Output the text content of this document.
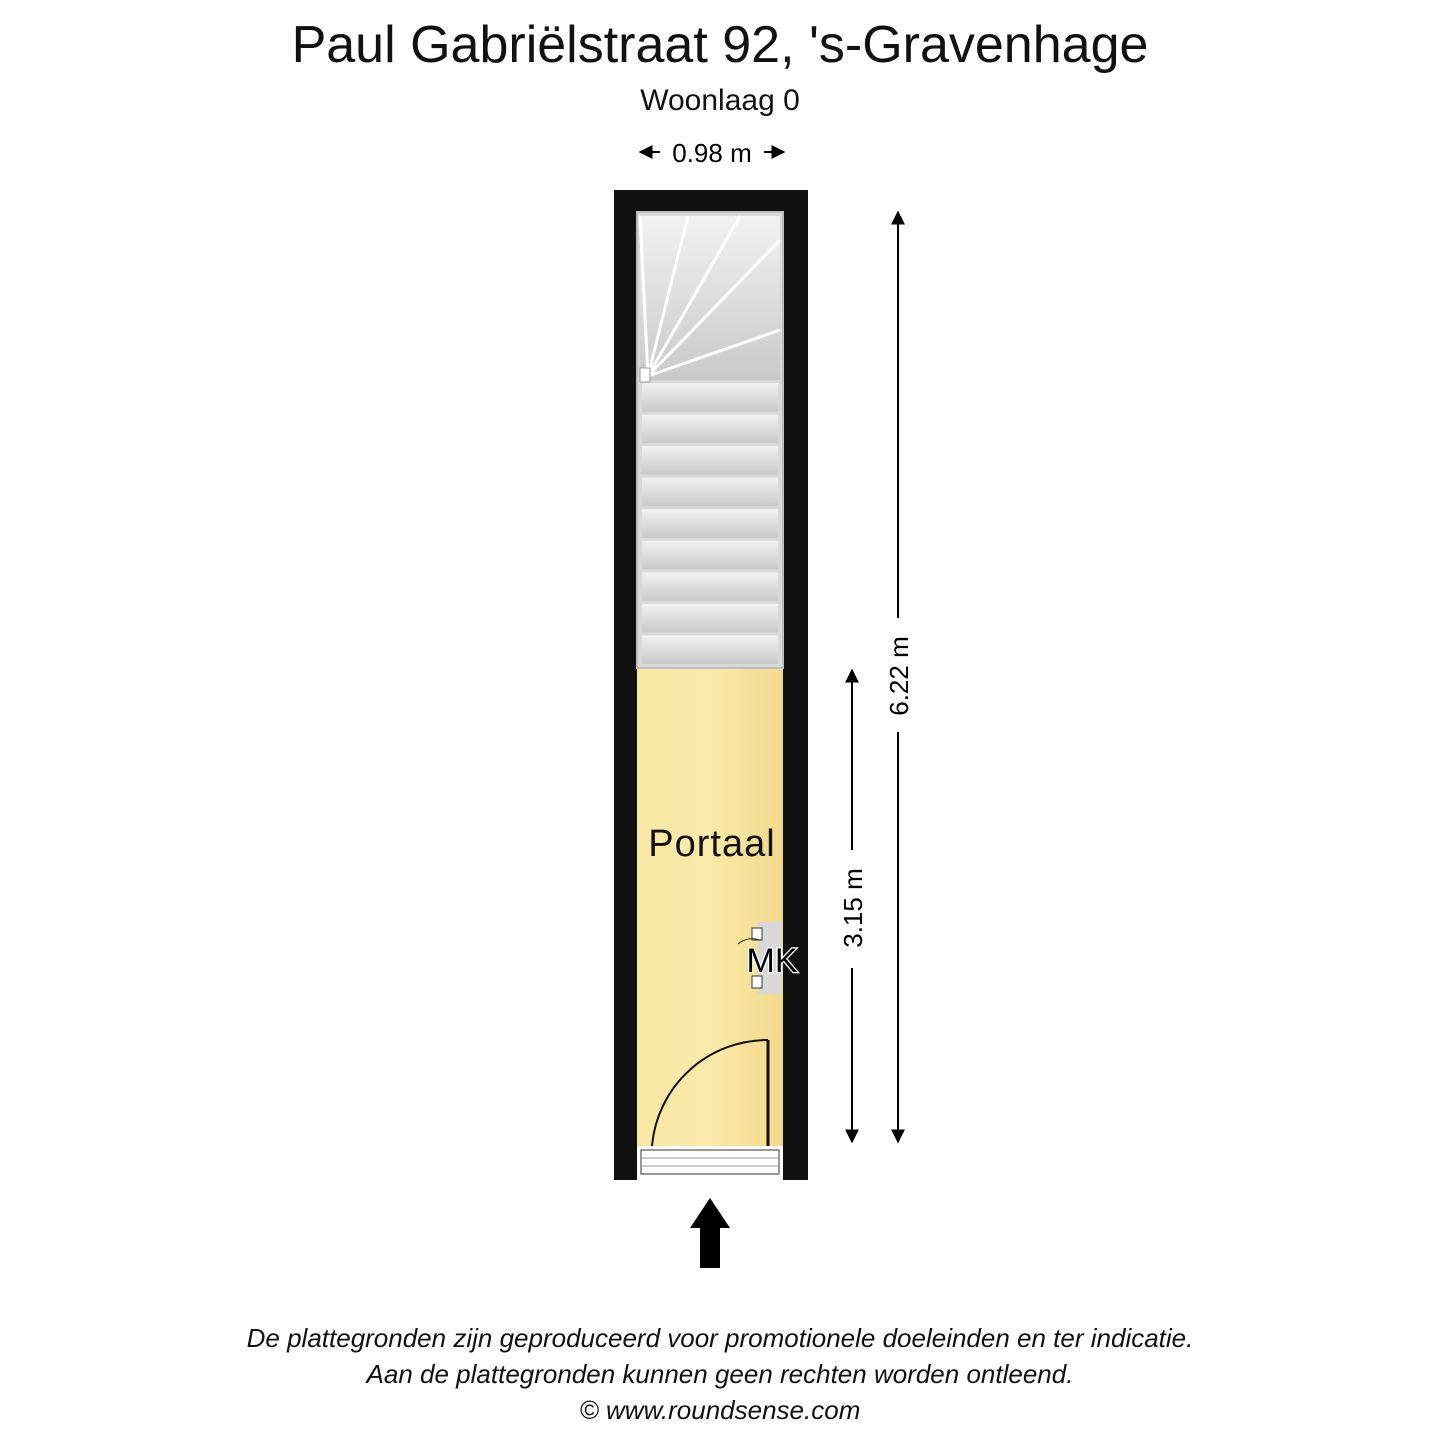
Paul Gabriëlstraat 92, 's-Gravenhage
Woonlaag 0
0.98 m
MK
Portaal
6.22 m
3.15 m
De plattegronden zijn geproduceerd voor promotionele doeleinden en ter indicatie.
Aan de plattegronden kunnen geen rechten worden ontleend.
© www.roundsense.com
